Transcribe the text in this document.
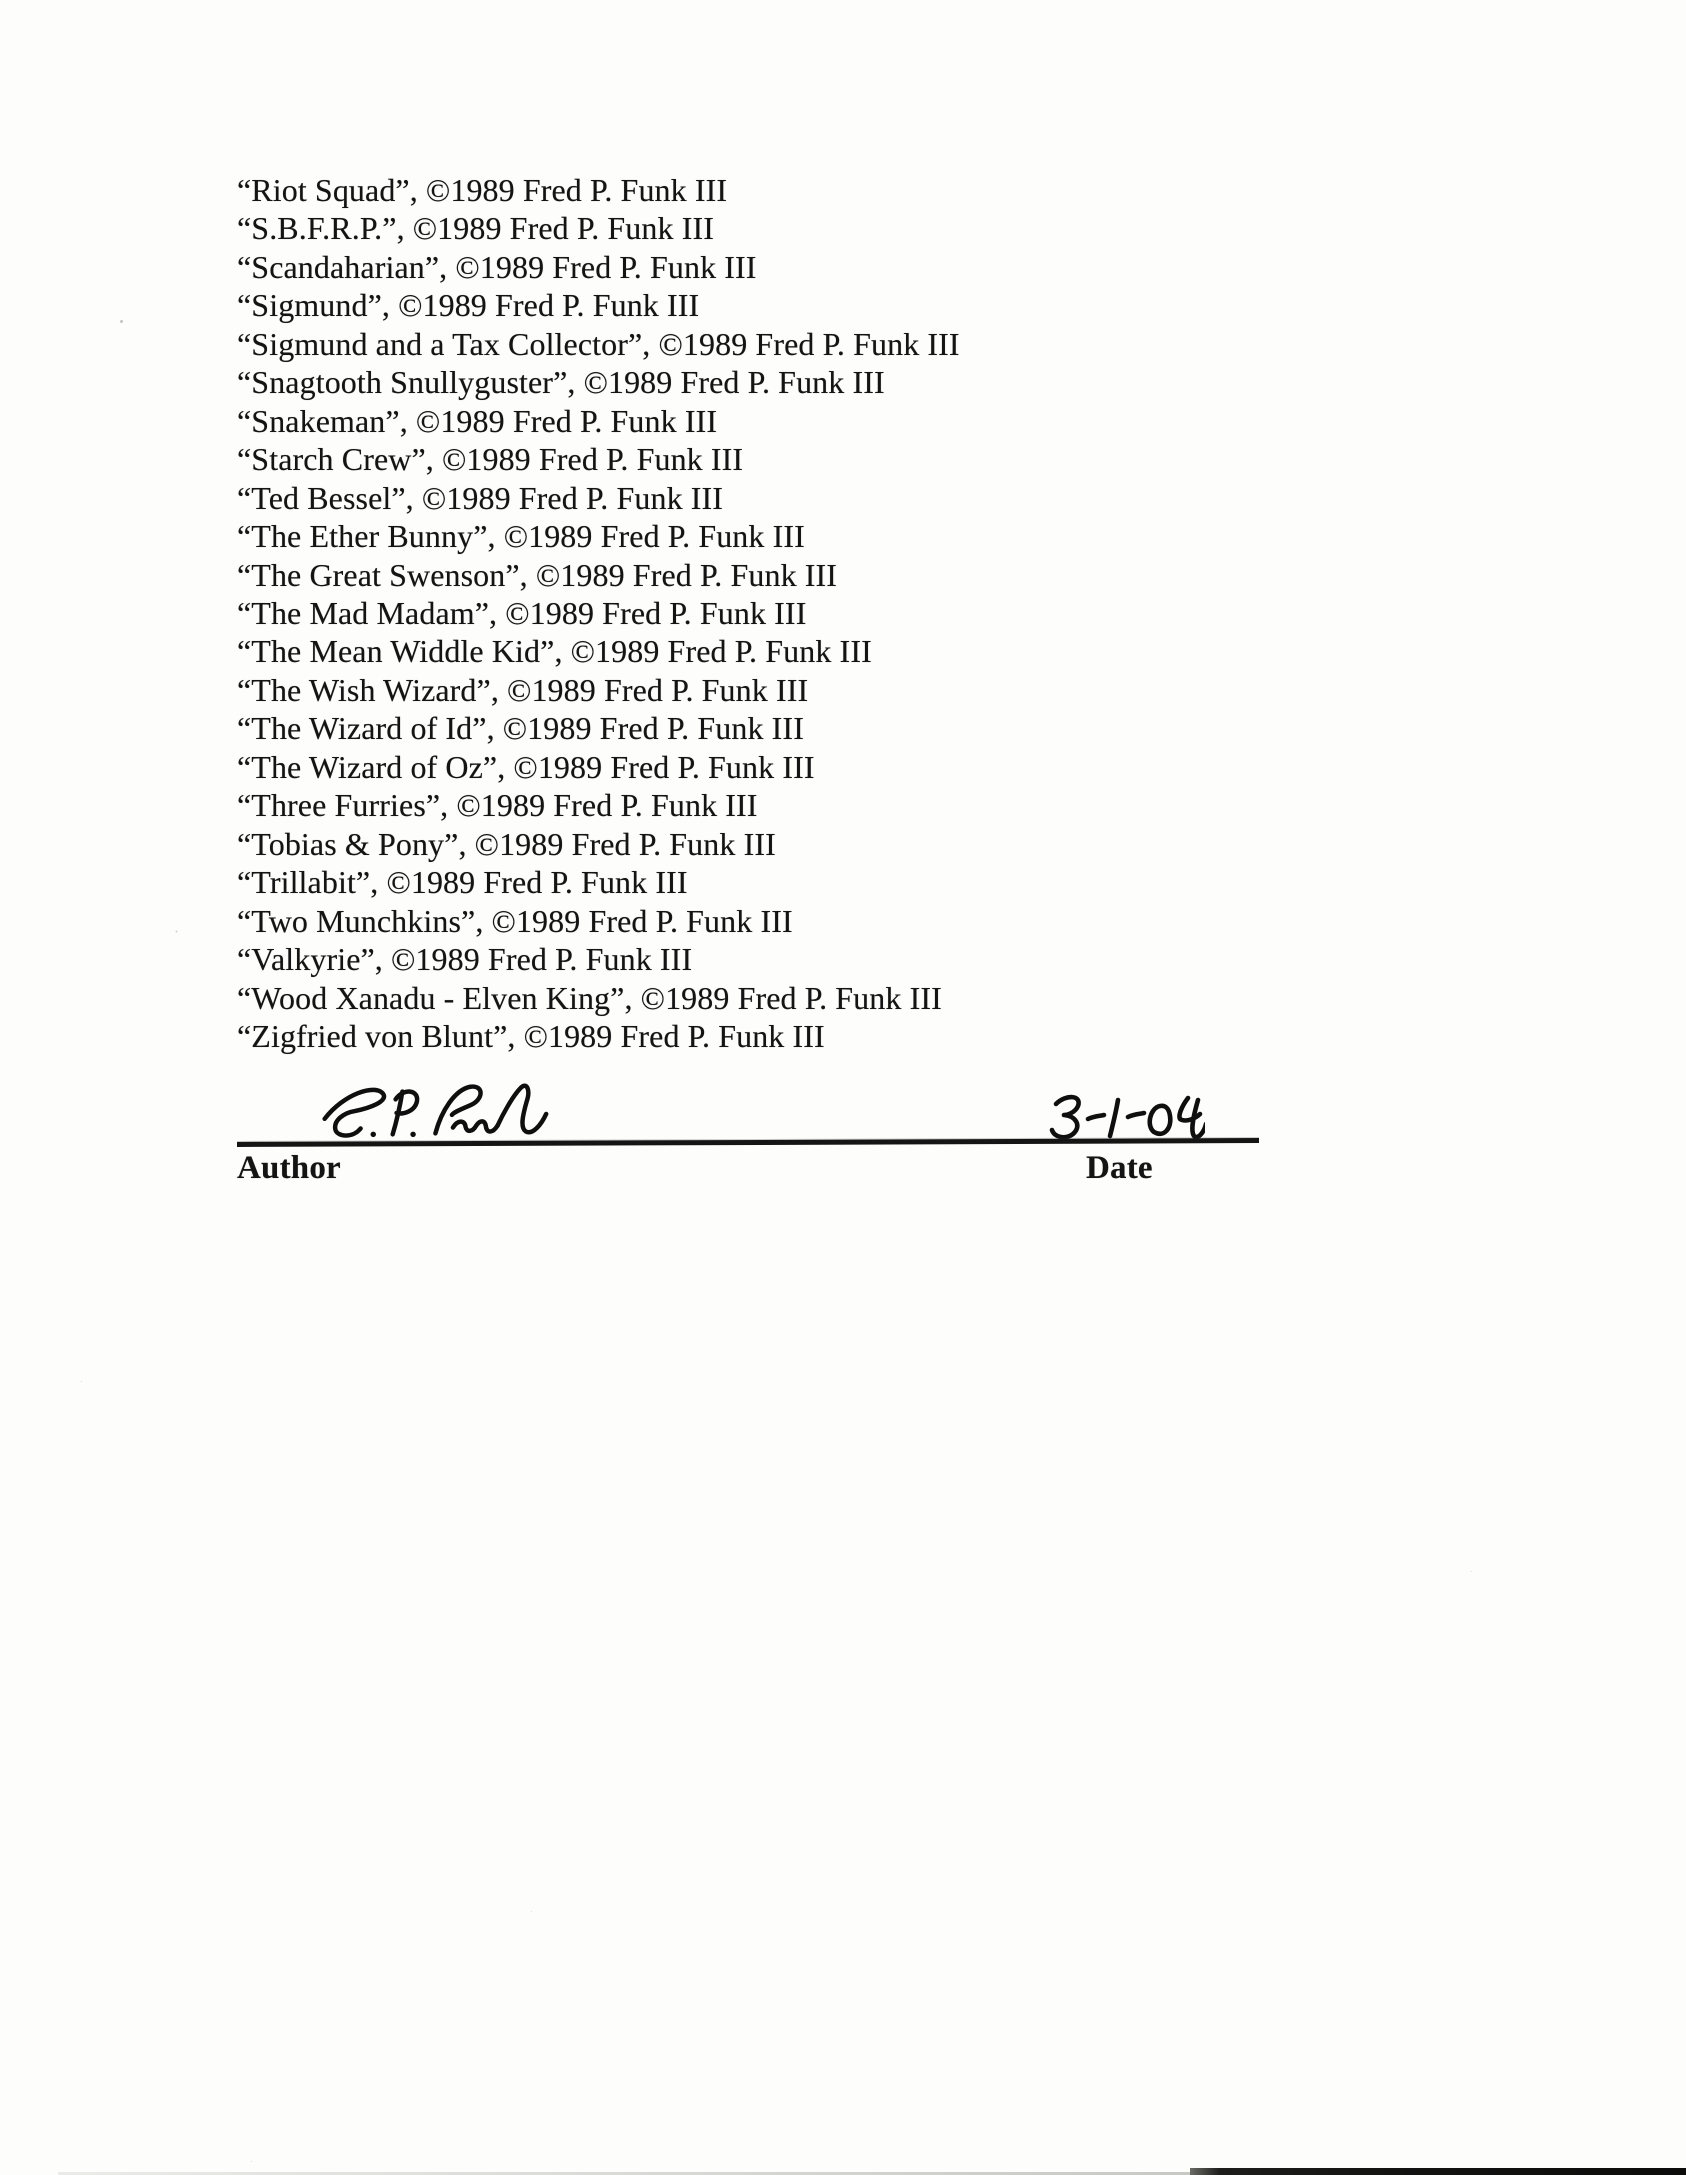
“Riot Squad”, ©1989 Fred P. Funk III
“S.B.F.R.P.”, ©1989 Fred P. Funk III
“Scandaharian”, ©1989 Fred P. Funk III
“Sigmund”, ©1989 Fred P. Funk III
“Sigmund and a Tax Collector”, ©1989 Fred P. Funk III
“Snagtooth Snullyguster”, ©1989 Fred P. Funk III
“Snakeman”, ©1989 Fred P. Funk III
“Starch Crew”, ©1989 Fred P. Funk III
“Ted Bessel”, ©1989 Fred P. Funk III
“The Ether Bunny”, ©1989 Fred P. Funk III
“The Great Swenson”, ©1989 Fred P. Funk III
“The Mad Madam”, ©1989 Fred P. Funk III
“The Mean Widdle Kid”, ©1989 Fred P. Funk III
“The Wish Wizard”, ©1989 Fred P. Funk III
“The Wizard of Id”, ©1989 Fred P. Funk III
“The Wizard of Oz”, ©1989 Fred P. Funk III
“Three Furries”, ©1989 Fred P. Funk III
“Tobias & Pony”, ©1989 Fred P. Funk III
“Trillabit”, ©1989 Fred P. Funk III
“Two Munchkins”, ©1989 Fred P. Funk III
“Valkyrie”, ©1989 Fred P. Funk III
“Wood Xanadu - Elven King”, ©1989 Fred P. Funk III
“Zigfried von Blunt”, ©1989 Fred P. Funk III
Author	Date
